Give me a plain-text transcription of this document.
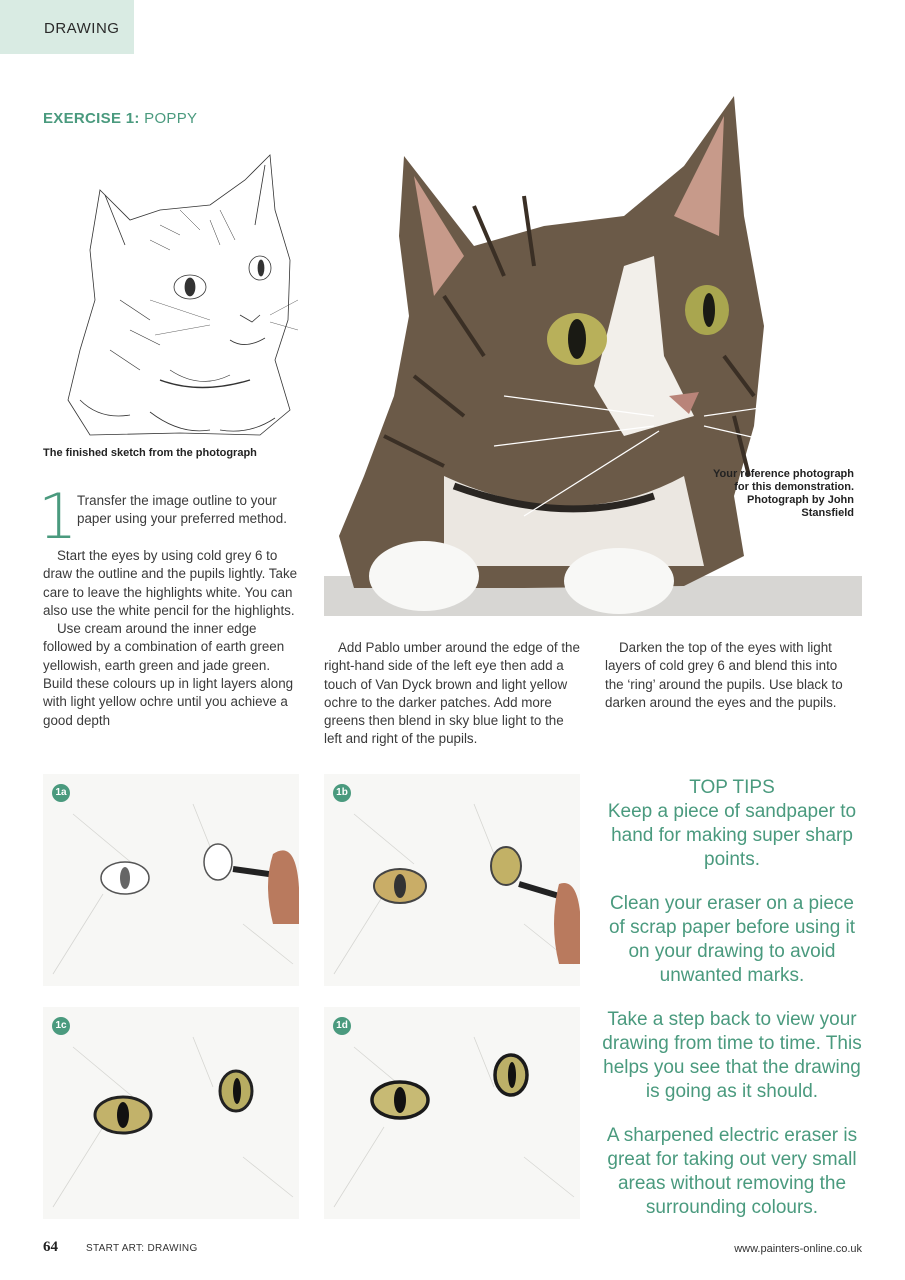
DRAWING
EXERCISE 1: POPPY
The finished sketch from the photograph
Your reference photograph for this demonstration. Photograph by John Stansfield
1 Transfer the image outline to your paper using your preferred method.

Start the eyes by using cold grey 6 to draw the outline and the pupils lightly. Take care to leave the highlights white. You can also use the white pencil for the highlights.

Use cream around the inner edge followed by a combination of earth green yellowish, earth green and jade green. Build these colours up in light layers along with light yellow ochre until you achieve a good depth

Add Pablo umber around the edge of the right-hand side of the left eye then add a touch of Van Dyck brown and light yellow ochre to the darker patches. Add more greens then blend in sky blue light to the left and right of the pupils.

Darken the top of the eyes with light layers of cold grey 6 and blend this into the ‘ring’ around the pupils. Use black to darken around the eyes and the pupils.

1a	1b
1c	1d
TOP TIPS

Keep a piece of sandpaper to hand for making super sharp points.

Clean your eraser on a piece of scrap paper before using it on your drawing to avoid unwanted marks.

Take a step back to view your drawing from time to time. This helps you see that the drawing is going as it should.

A sharpened electric eraser is great for taking out very small areas without removing the surrounding colours.

64	START ART: DRAWING	www.painters-online.co.uk
